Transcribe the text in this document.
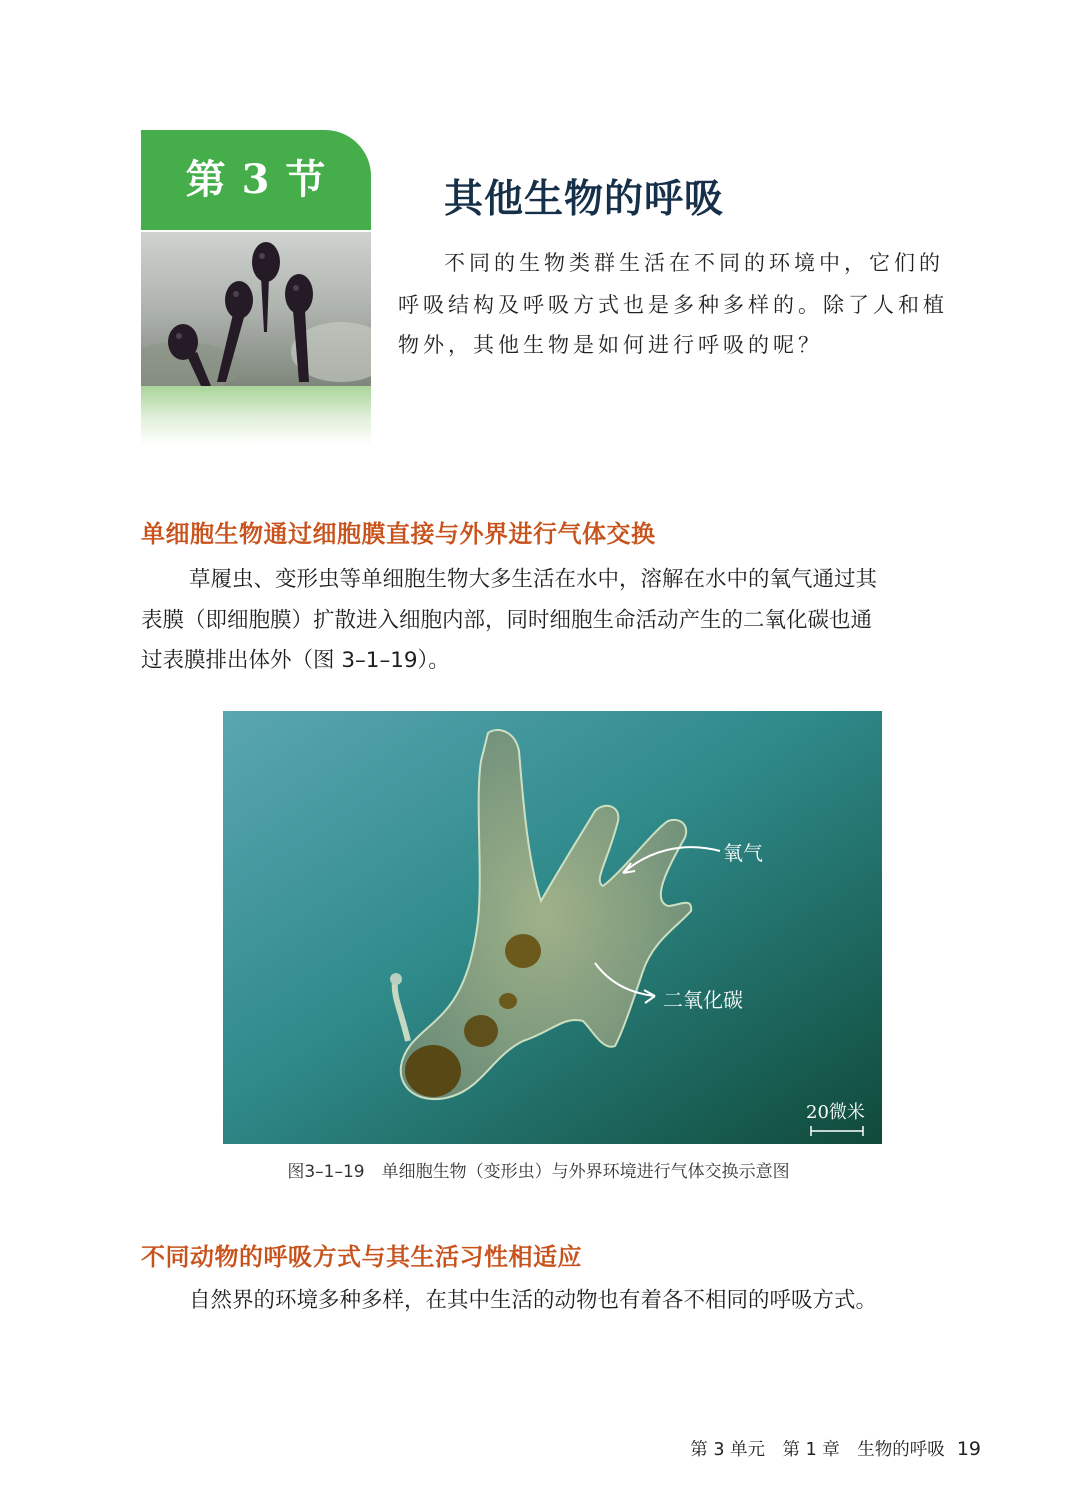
第 3 节	其他生物的呼吸
不同的生物类群生活在不同的环境中，它们的
呼吸结构及呼吸方式也是多种多样的。除了人和植
物外，其他生物是如何进行呼吸的呢？
单细胞生物通过细胞膜直接与外界进行气体交换
草履虫、变形虫等单细胞生物大多生活在水中，溶解在水中的氧气通过其
表膜（即细胞膜）扩散进入细胞内部，同时细胞生命活动产生的二氧化碳也通
过表膜排出体外（图 3–1–19）。
氧气
二氧化碳
20微米
图3–1–19　单细胞生物（变形虫）与外界环境进行气体交换示意图
不同动物的呼吸方式与其生活习性相适应
自然界的环境多种多样，在其中生活的动物也有着各不相同的呼吸方式。
第 3 单元　第 1 章　生物的呼吸 19
